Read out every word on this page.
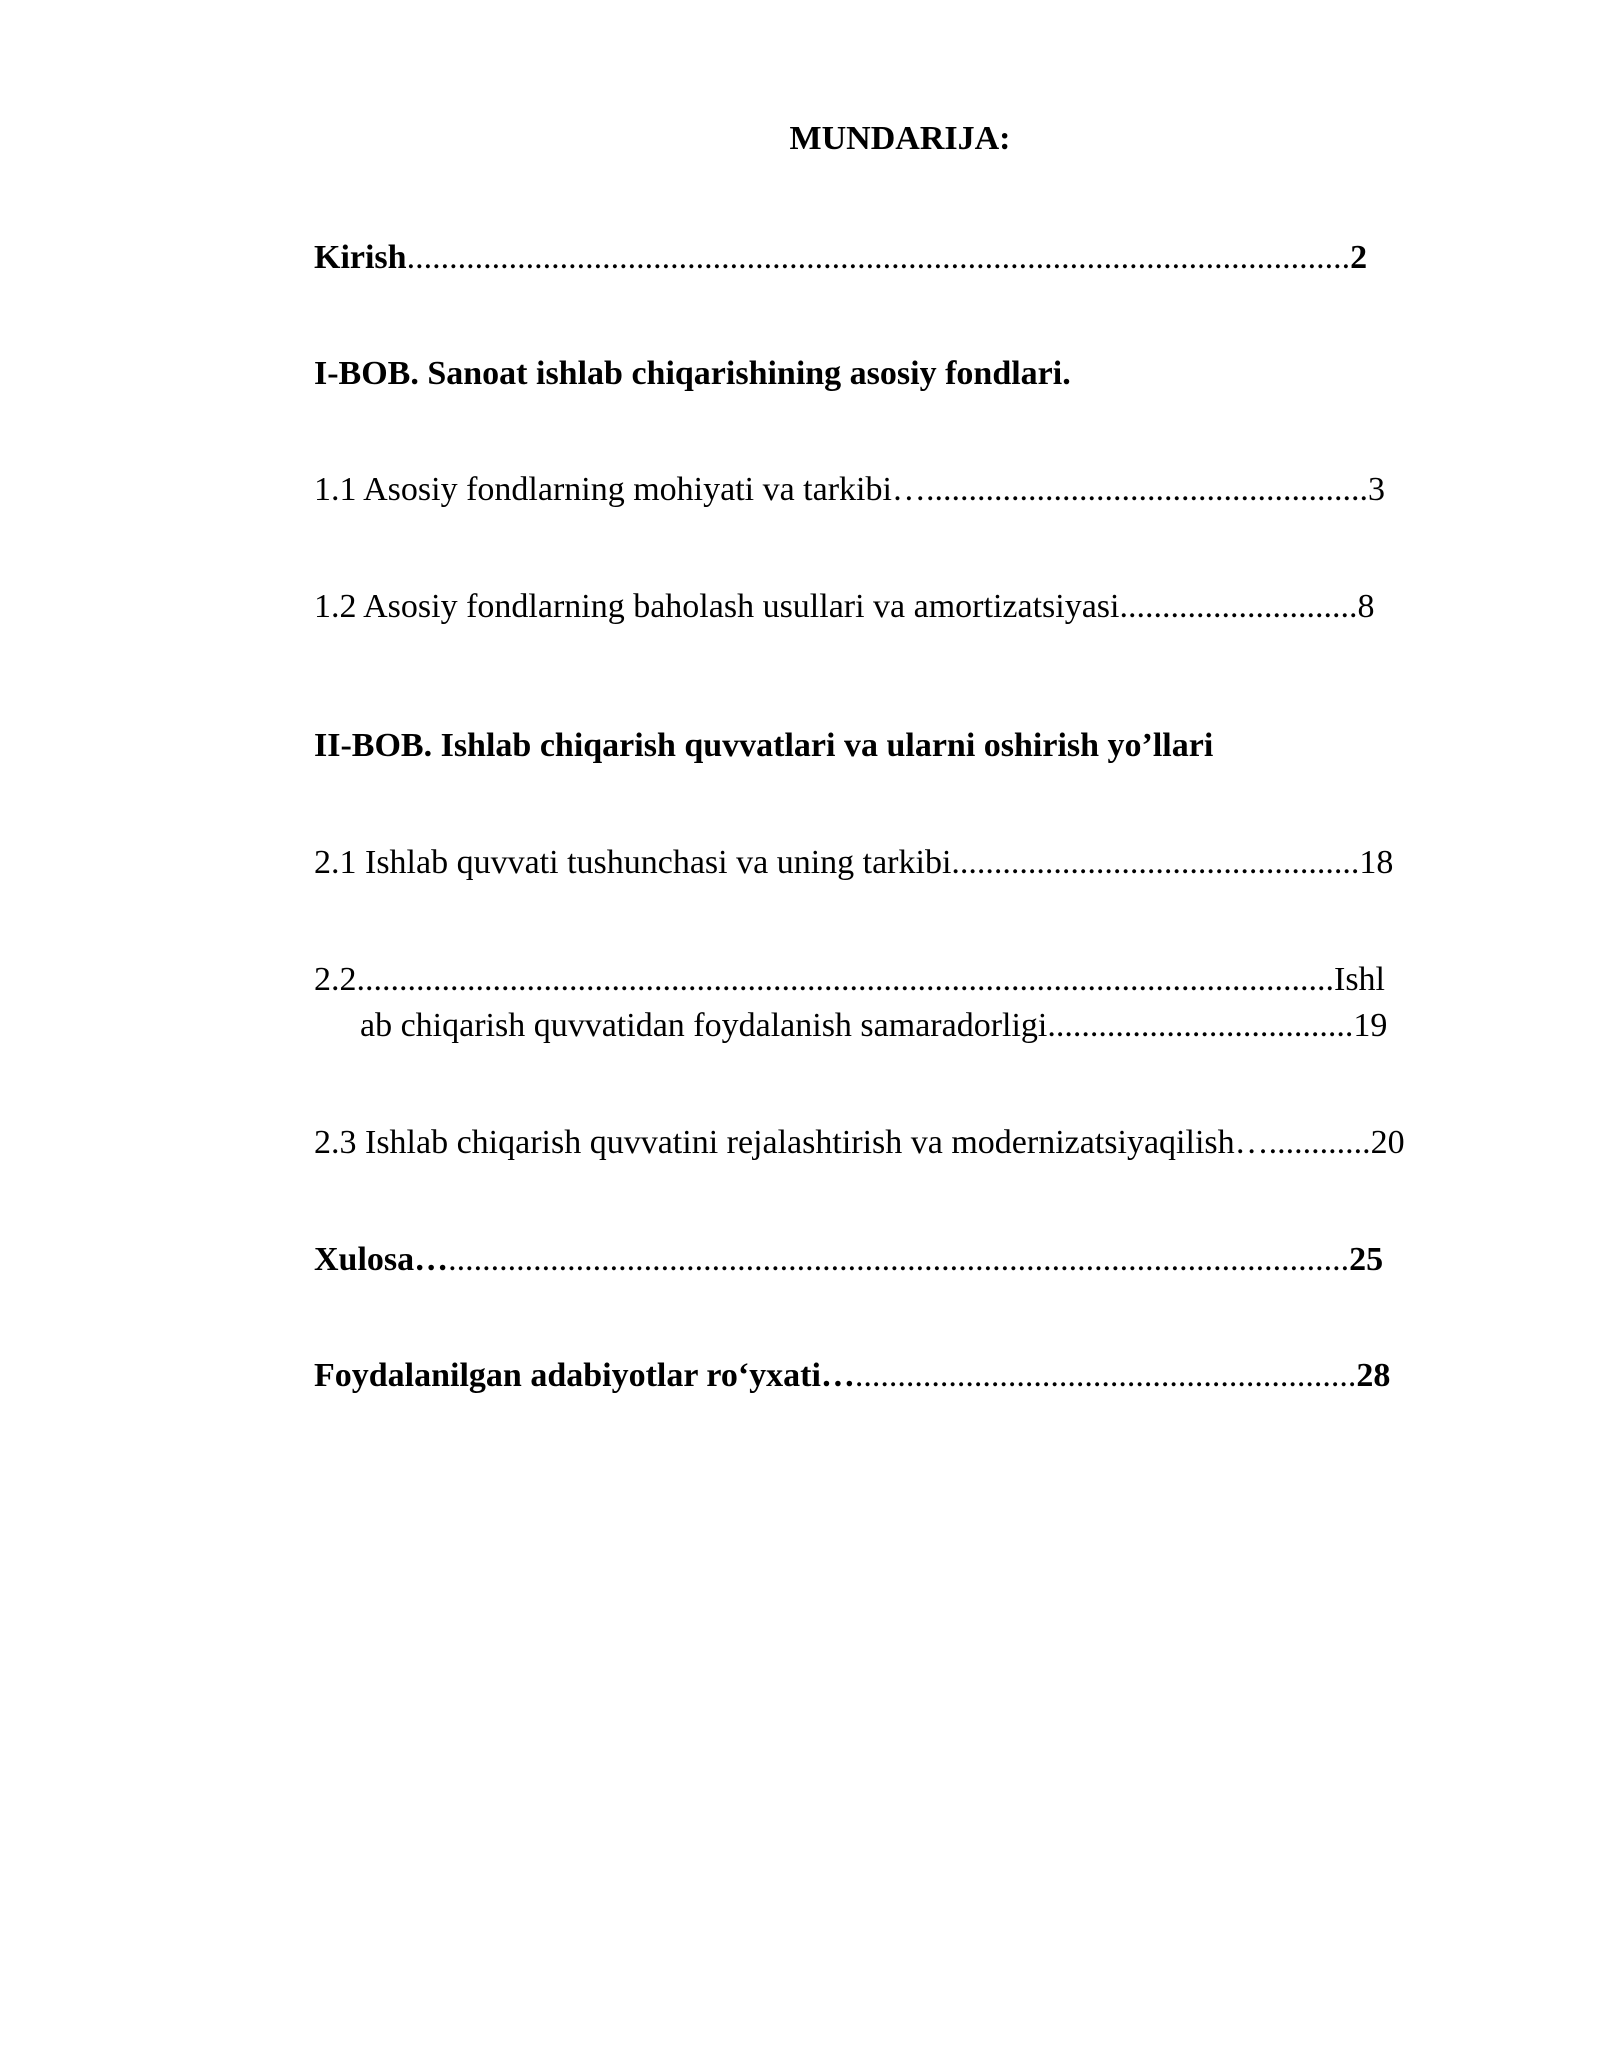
MUNDARIJA:
Kirish...............................................................................................................2
I-BOB. Sanoat ishlab chiqarishining asosiy fondlari.
1.1 Asosiy fondlarning mohiyati va tarkibi…....................................................3
1.2 Asosiy fondlarning baholash usullari va amortizatsiyasi............................8
II-BOB. Ishlab chiqarish quvvatlari va ularni oshirish yo’llari
2.1 Ishlab quvvati tushunchasi va uning tarkibi................................................18
2.2...................................................................................................................Ishl
ab chiqarish quvvatidan foydalanish samaradorligi....................................19
2.3 Ishlab chiqarish quvvatini rejalashtirish va modernizatsiyaqilish…............20
Xulosa…..........................................................................................................25
Foydalanilgan adabiyotlar ro‘yxati…...........................................................28
